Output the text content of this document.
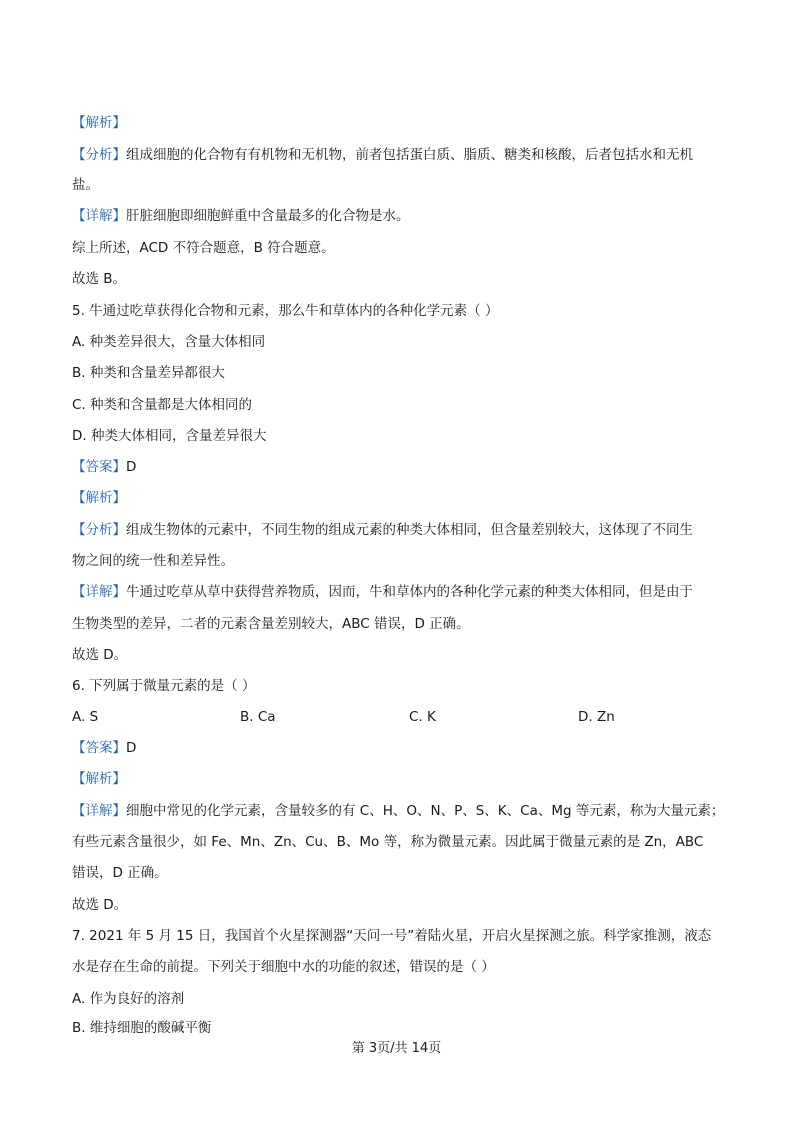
【解析】
【分析】组成细胞的化合物有有机物和无机物，前者包括蛋白质、脂质、糖类和核酸，后者包括水和无机
盐。
【详解】肝脏细胞即细胞鲜重中含量最多的化合物是水。
综上所述，ACD 不符合题意，B 符合题意。
故选 B。
5. 牛通过吃草获得化合物和元素，那么牛和草体内的各种化学元素（ ）
A. 种类差异很大，含量大体相同
B. 种类和含量差异都很大
C. 种类和含量都是大体相同的
D. 种类大体相同，含量差异很大
【答案】D
【解析】
【分析】组成生物体的元素中，不同生物的组成元素的种类大体相同，但含量差别较大，这体现了不同生
物之间的统一性和差异性。
【详解】牛通过吃草从草中获得营养物质，因而，牛和草体内的各种化学元素的种类大体相同，但是由于
生物类型的差异，二者的元素含量差别较大，ABC 错误，D 正确。
故选 D。
6. 下列属于微量元素的是（ ）
A. S	B. Ca	C. K	D. Zn
【答案】D
【解析】
【详解】细胞中常见的化学元素，含量较多的有 C、H、O、N、P、S、K、Ca、Mg 等元素，称为大量元素；
有些元素含量很少，如 Fe、Mn、Zn、Cu、B、Mo 等，称为微量元素。因此属于微量元素的是 Zn，ABC
错误，D 正确。
故选 D。
7. 2021 年 5 月 15 日，我国首个火星探测器“天问一号”着陆火星，开启火星探测之旅。科学家推测，液态
水是存在生命的前提。下列关于细胞中水的功能的叙述，错误的是（ ）
A. 作为良好的溶剂
B. 维持细胞的酸碱平衡
第 3页/共 14页
